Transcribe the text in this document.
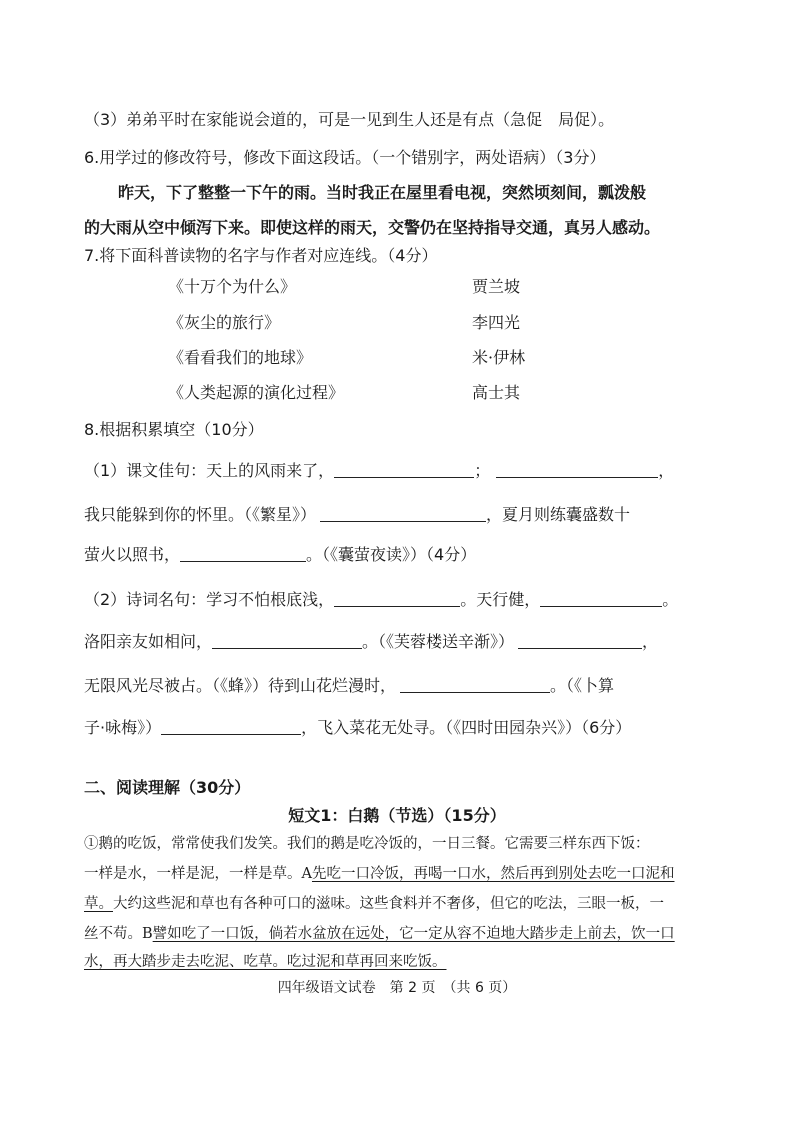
（3）弟弟平时在家能说会道的，可是一见到生人还是有点（急促　局促）。
6.用学过的修改符号，修改下面这段话。（一个错别字，两处语病）（3分）
昨天，下了整整一下午的雨。当时我正在屋里看电视，突然顷刻间，瓢泼般
的大雨从空中倾泻下来。即使这样的雨天，交警仍在坚持指导交通，真另人感动。
7.将下面科普读物的名字与作者对应连线。（4分）
《十万个为什么》	贾兰坡
《灰尘的旅行》	李四光
《看看我们的地球》	米·伊林
《人类起源的演化过程》	高士其
8.根据积累填空（10分）
（1）课文佳句：天上的风雨来了，	；	，
我只能躲到你的怀里。（《繁星》）	，夏月则练囊盛数十
萤火以照书，	。（《囊萤夜读》）（4分）
（2）诗词名句：学习不怕根底浅，	。天行健，	。
洛阳亲友如相问，	。（《芙蓉楼送辛渐》）	，
无限风光尽被占。（《蜂》）待到山花烂漫时，	。（《卜算
子·咏梅》）	，飞入菜花无处寻。（《四时田园杂兴》）（6分）
二、阅读理解（30分）
短文1：白鹅（节选）（15分）
①鹅的吃饭，常常使我们发笑。我们的鹅是吃冷饭的，一日三餐。它需要三样东西下饭：
一样是水，一样是泥，一样是草。A先吃一口冷饭，再喝一口水，然后再到别处去吃一口泥和
草。大约这些泥和草也有各种可口的滋味。这些食料并不奢侈，但它的吃法，三眼一板，一
丝不苟。B譬如吃了一口饭，倘若水盆放在远处，它一定从容不迫地大踏步走上前去，饮一口
水，再大踏步走去吃泥、吃草。吃过泥和草再回来吃饭。
四年级语文试卷　第 2 页　（共 6 页）
